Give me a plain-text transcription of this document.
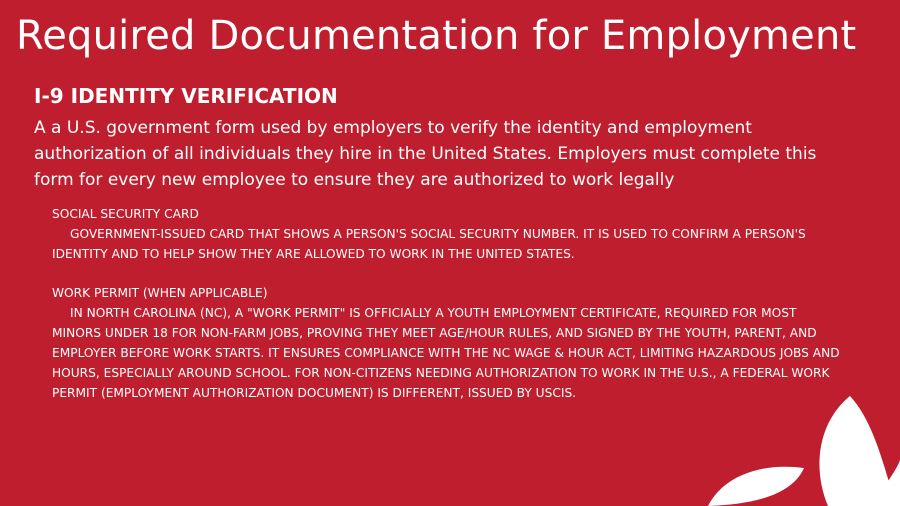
Required Documentation for Employment
I-9 IDENTITY VERIFICATION

A a U.S. government form used by employers to verify the identity and employment authorization of all individuals they hire in the United States. Employers must complete this form for every new employee to ensure they are authorized to work legally

SOCIAL SECURITY CARD

GOVERNMENT-ISSUED CARD THAT SHOWS A PERSON'S SOCIAL SECURITY NUMBER. IT IS USED TO CONFIRM A PERSON'S IDENTITY AND TO HELP SHOW THEY ARE ALLOWED TO WORK IN THE UNITED STATES.

WORK PERMIT (WHEN APPLICABLE)

IN NORTH CAROLINA (NC), A "WORK PERMIT" IS OFFICIALLY A YOUTH EMPLOYMENT CERTIFICATE, REQUIRED FOR MOST MINORS UNDER 18 FOR NON-FARM JOBS, PROVING THEY MEET AGE/HOUR RULES, AND SIGNED BY THE YOUTH, PARENT, AND EMPLOYER BEFORE WORK STARTS. IT ENSURES COMPLIANCE WITH THE NC WAGE & HOUR ACT, LIMITING HAZARDOUS JOBS AND HOURS, ESPECIALLY AROUND SCHOOL. FOR NON-CITIZENS NEEDING AUTHORIZATION TO WORK IN THE U.S., A FEDERAL WORK PERMIT (EMPLOYMENT AUTHORIZATION DOCUMENT) IS DIFFERENT, ISSUED BY USCIS.
